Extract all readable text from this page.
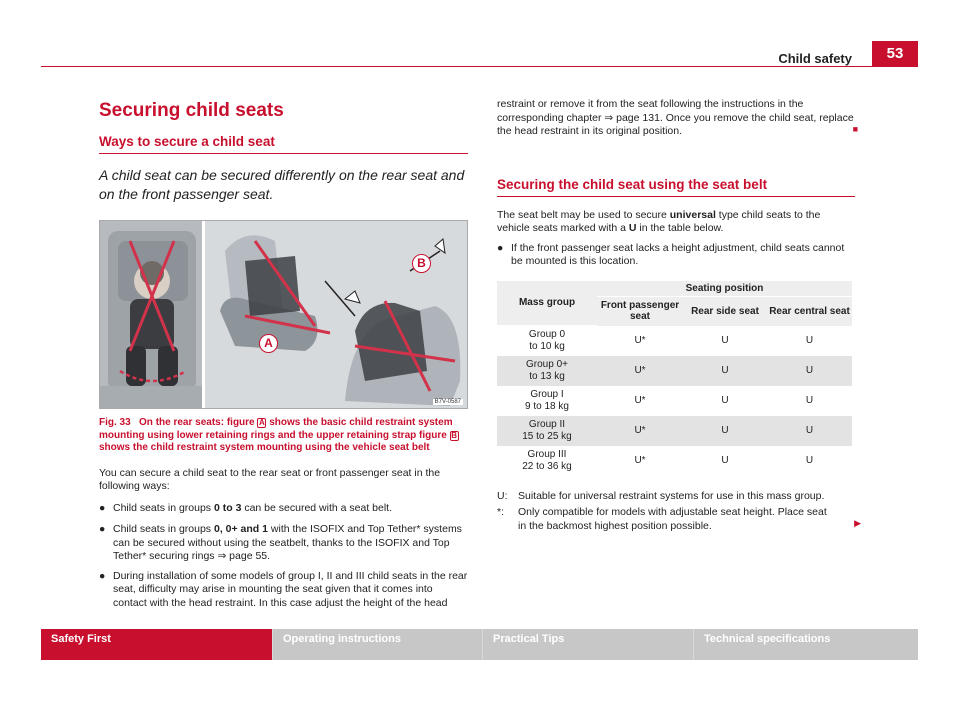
Child safety	53
Securing child seats
Ways to secure a child seat
A child seat can be secured differently on the rear seat and on the front passenger seat.
A
B
B7V-0587
Fig. 33 On the rear seats: figure A shows the basic child restraint system mounting using lower retaining rings and the upper retaining strap figure B shows the child restraint system mounting using the vehicle seat belt
You can secure a child seat to the rear seat or front passenger seat in the following ways:
● Child seats in groups 0 to 3 can be secured with a seat belt.
● Child seats in groups 0, 0+ and 1 with the ISOFIX and Top Tether* systems can be secured without using the seatbelt, thanks to the ISOFIX and Top Tether* securing rings ⇒ page 55.
● During installation of some models of group I, II and III child seats in the rear seat, difficulty may arise in mounting the seat given that it comes into contact with the head restraint. In this case adjust the height of the head
restraint or remove it from the seat following the instructions in the corresponding chapter ⇒ page 131. Once you remove the child seat, replace the head restraint in its original position.	■
Securing the child seat using the seat belt
The seat belt may be used to secure universal type child seats to the vehicle seats marked with a U in the table below.
● If the front passenger seat lacks a height adjustment, child seats cannot be mounted is this location.
Mass group	Seating position		
	Front passenger seat	Rear side seat	Rear central seat
Group 0
to 10 kg	U*	U	U
Group 0+
to 13 kg	U*	U	U
Group I
9 to 18 kg	U*	U	U
Group II
15 to 25 kg	U*	U	U
Group III
22 to 36 kg	U*	U	U
U:	Suitable for universal restraint systems for use in this mass group.
*:	Only compatible for models with adjustable seat height. Place seat in the backmost highest position possible.	▶
Safety First	Operating instructions	Practical Tips	Technical specifications
